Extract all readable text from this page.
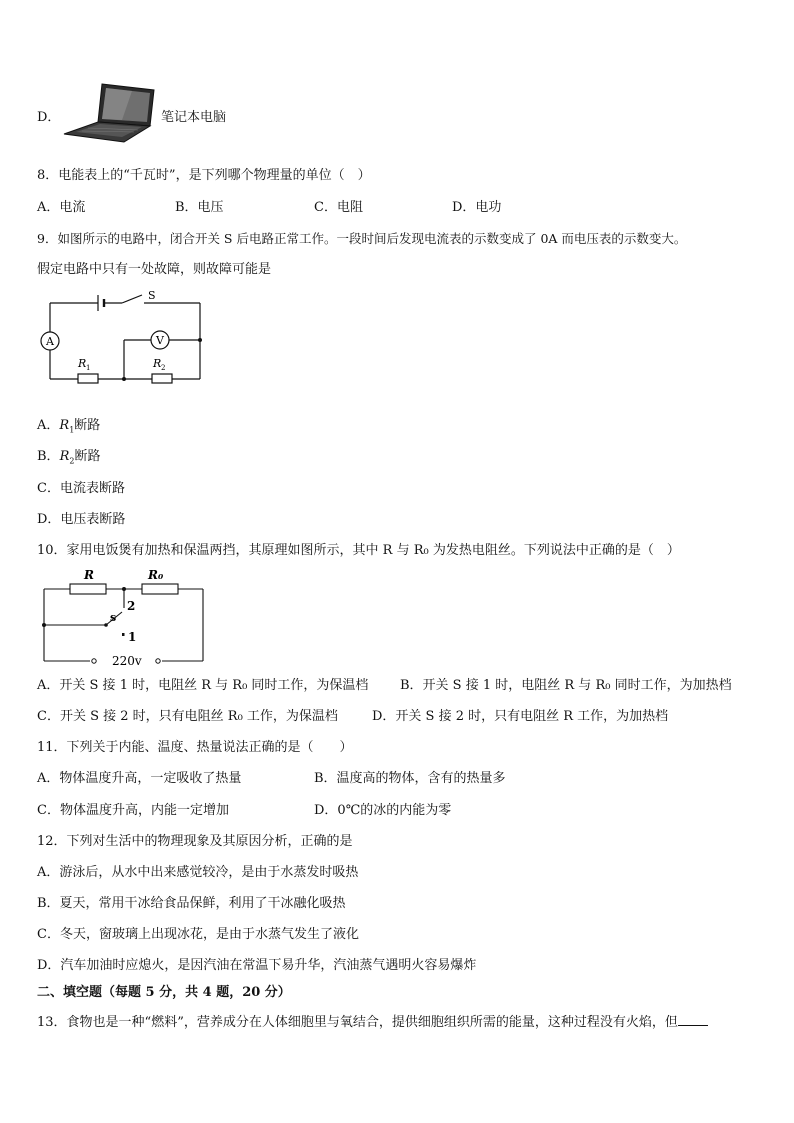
D．	笔记本电脑
8．电能表上的“千瓦时”，是下列哪个物理量的单位（　）
A．电流	B．电压	C．电阻	D．电功
9．如图所示的电路中，闭合开关 S 后电路正常工作。一段时间后发现电流表的示数变成了 0A 而电压表的示数变大。
假定电路中只有一处故障，则故障可能是
S
A	V
R 1	R 2
A．$R_1$断路
B．$R_2$断路
C．电流表断路
D．电压表断路
10．家用电饭煲有加热和保温两挡，其原理如图所示，其中 R 与 R₀ 为发热电阻丝。下列说法中正确的是（　）
R	R₀
s
2
1
220v
A．开关 S 接 1 时，电阻丝 R 与 R₀ 同时工作，为保温档 B．开关 S 接 1 时，电阻丝 R 与 R₀ 同时工作，为加热档
C．开关 S 接 2 时，只有电阻丝 R₀ 工作，为保温档	D．开关 S 接 2 时，只有电阻丝 R 工作，为加热档
11．下列关于内能、温度、热量说法正确的是（　　）
A．物体温度升高，一定吸收了热量	B．温度高的物体，含有的热量多
C．物体温度升高，内能一定增加	D．0℃的冰的内能为零
12．下列对生活中的物理现象及其原因分析，正确的是
A．游泳后，从水中出来感觉较冷，是由于水蒸发时吸热
B．夏天，常用干冰给食品保鲜，利用了干冰融化吸热
C．冬天，窗玻璃上出现冰花，是由于水蒸气发生了液化
D．汽车加油时应熄火，是因汽油在常温下易升华，汽油蒸气遇明火容易爆炸
二、填空题（每题 5 分，共 4 题，20 分）
13．食物也是一种“燃料”，营养成分在人体细胞里与氧结合，提供细胞组织所需的能量，这种过程没有火焰，但
